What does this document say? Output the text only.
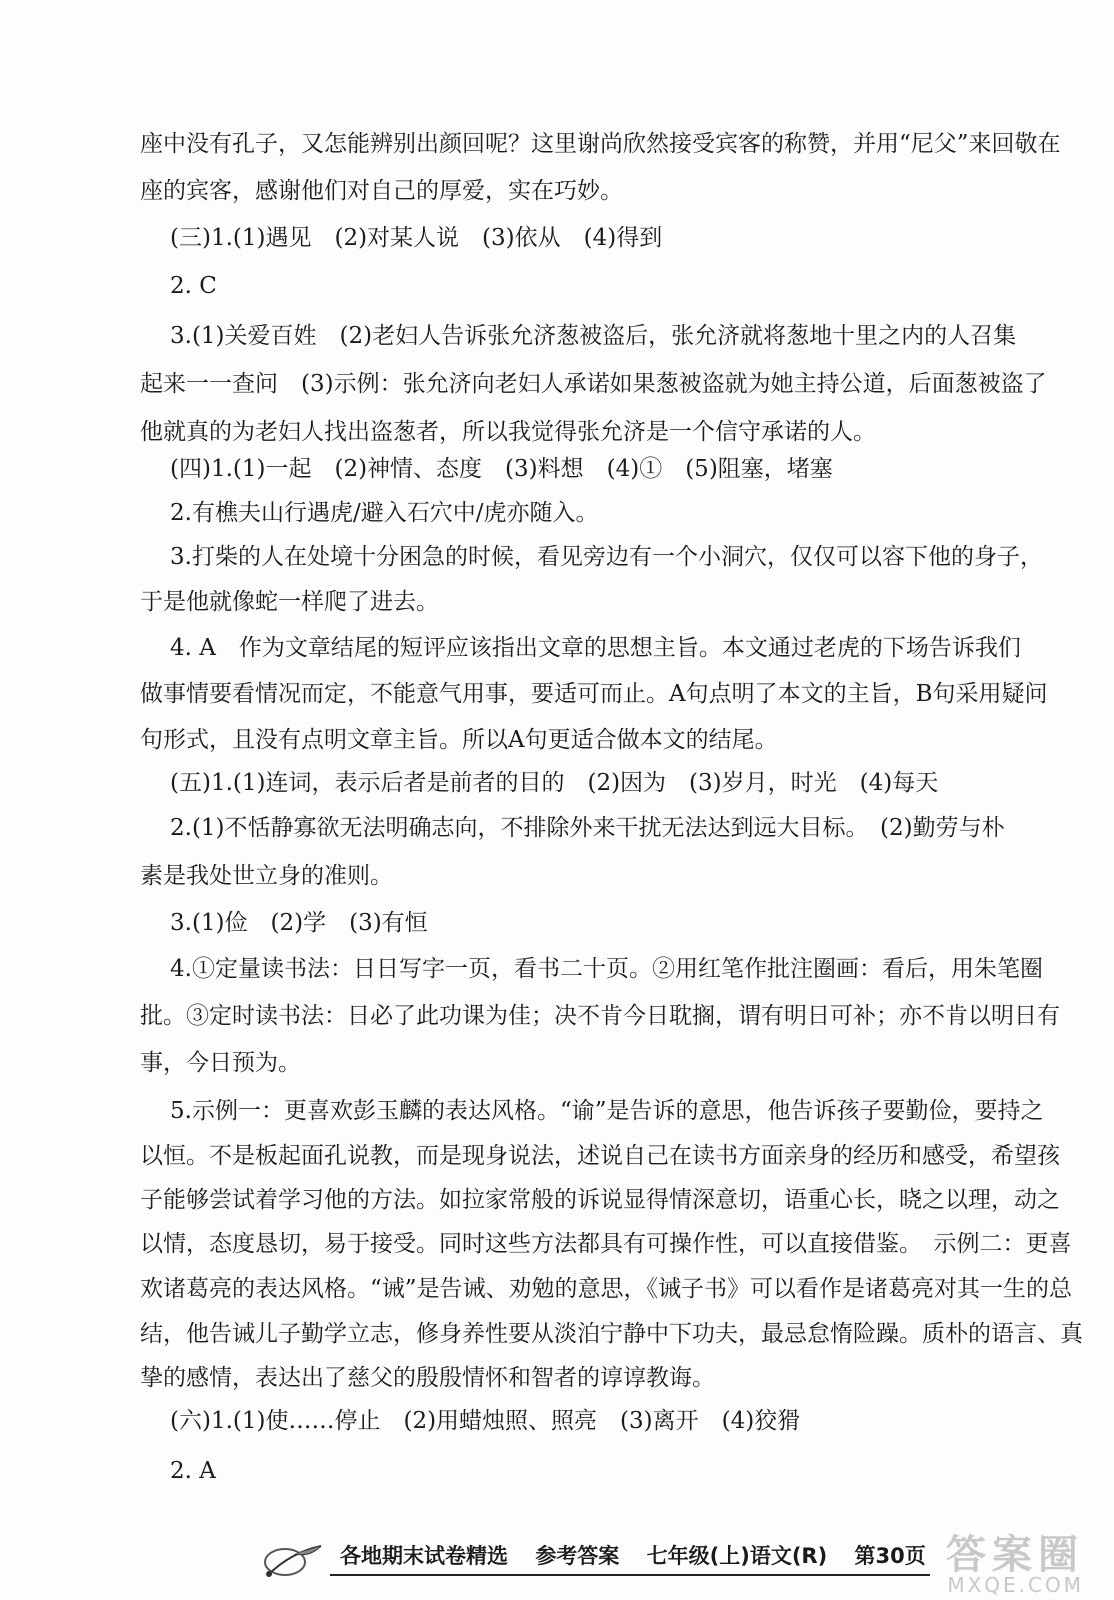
座中没有孔子，又怎能辨别出颜回呢？这里谢尚欣然接受宾客的称赞，并用“尼父”来回敬在
座的宾客，感谢他们对自己的厚爱，实在巧妙。
(三)1.(1)遇见　(2)对某人说　(3)依从　(4)得到
2. C
3.(1)关爱百姓　(2)老妇人告诉张允济葱被盗后，张允济就将葱地十里之内的人召集
起来一一查问　(3)示例：张允济向老妇人承诺如果葱被盗就为她主持公道，后面葱被盗了
他就真的为老妇人找出盗葱者，所以我觉得张允济是一个信守承诺的人。
(四)1.(1)一起　(2)神情、态度　(3)料想　(4)①　(5)阻塞，堵塞
2.有樵夫山行遇虎/避入石穴中/虎亦随入。
3.打柴的人在处境十分困急的时候，看见旁边有一个小洞穴，仅仅可以容下他的身子，
于是他就像蛇一样爬了进去。
4. A　作为文章结尾的短评应该指出文章的思想主旨。本文通过老虎的下场告诉我们
做事情要看情况而定，不能意气用事，要适可而止。A句点明了本文的主旨，B句采用疑问
句形式，且没有点明文章主旨。所以A句更适合做本文的结尾。
(五)1.(1)连词，表示后者是前者的目的　(2)因为　(3)岁月，时光　(4)每天
2.(1)不恬静寡欲无法明确志向，不排除外来干扰无法达到远大目标。　(2)勤劳与朴
素是我处世立身的准则。
3.(1)俭　(2)学　(3)有恒
4.①定量读书法：日日写字一页，看书二十页。②用红笔作批注圈画：看后，用朱笔圈
批。③定时读书法：日必了此功课为佳；决不肯今日耽搁，谓有明日可补；亦不肯以明日有
事，今日预为。
5.示例一：更喜欢彭玉麟的表达风格。“谕”是告诉的意思，他告诉孩子要勤俭，要持之
以恒。不是板起面孔说教，而是现身说法，述说自己在读书方面亲身的经历和感受，希望孩
子能够尝试着学习他的方法。如拉家常般的诉说显得情深意切，语重心长，晓之以理，动之
以情，态度恳切，易于接受。同时这些方法都具有可操作性，可以直接借鉴。　示例二：更喜
欢诸葛亮的表达风格。“诫”是告诫、劝勉的意思，《诫子书》可以看作是诸葛亮对其一生的总
结，他告诫儿子勤学立志，修身养性要从淡泊宁静中下功夫，最忌怠惰险躁。质朴的语言、真
挚的感情，表达出了慈父的殷殷情怀和智者的谆谆教诲。
(六)1.(1)使……停止　(2)用蜡烛照、照亮　(3)离开　(4)狡猾
2. A
各地期末试卷精选 参考答案 七年级(上)语文(R) 第30页 答案圈
MXQE.COM
